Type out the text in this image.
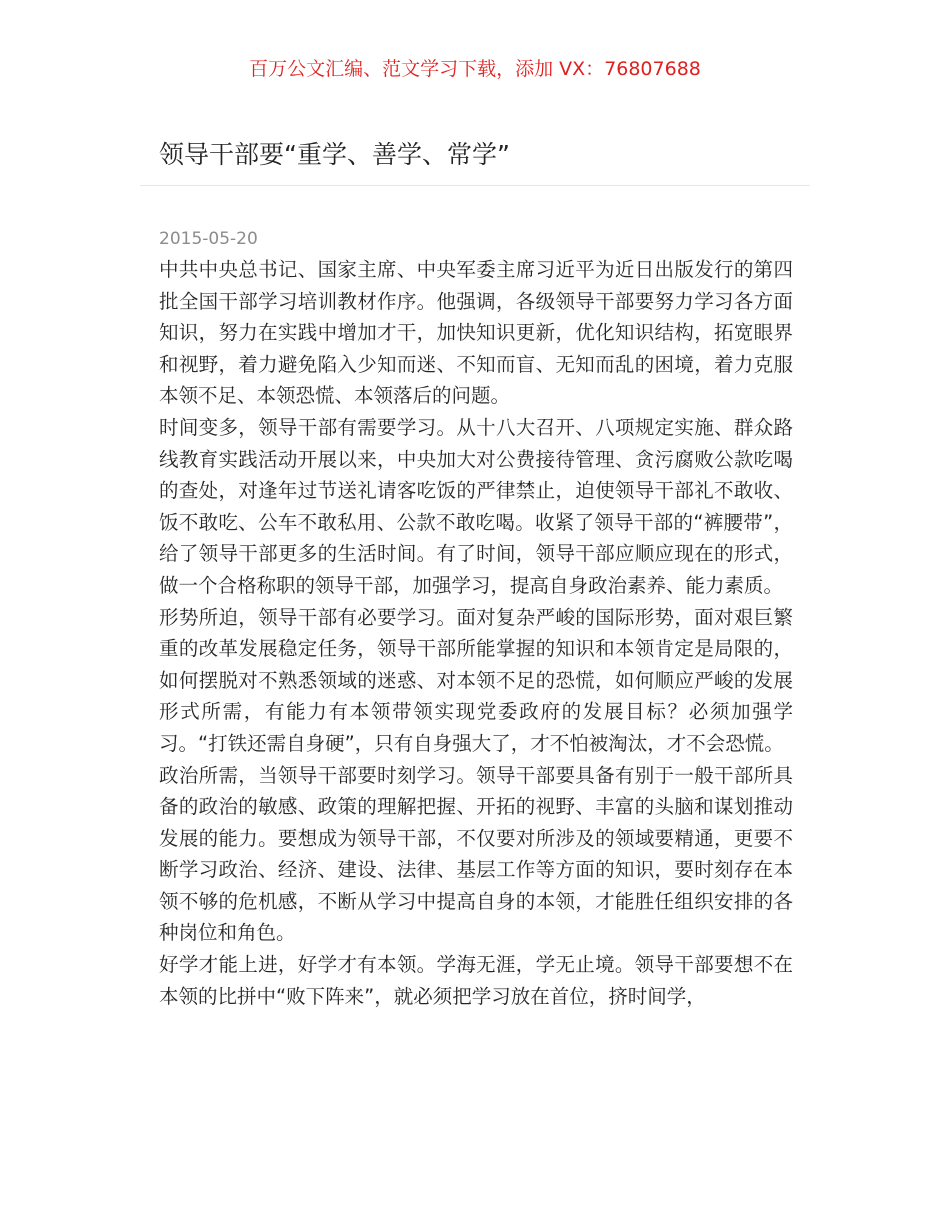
百万公文汇编、范文学习下载，添加 VX：76807688
领导干部要“重学、善学、常学”
2015-05-20

中共中央总书记、国家主席、中央军委主席习近平为近日出版发行的第四批全国干部学习培训教材作序。他强调，各级领导干部要努力学习各方面知识，努力在实践中增加才干，加快知识更新，优化知识结构，拓宽眼界和视野，着力避免陷入少知而迷、不知而盲、无知而乱的困境，着力克服本领不足、本领恐慌、本领落后的问题。

时间变多，领导干部有需要学习。从十八大召开、八项规定实施、群众路线教育实践活动开展以来，中央加大对公费接待管理、贪污腐败公款吃喝的查处，对逢年过节送礼请客吃饭的严律禁止，迫使领导干部礼不敢收、饭不敢吃、公车不敢私用、公款不敢吃喝。收紧了领导干部的“裤腰带”，给了领导干部更多的生活时间。有了时间，领导干部应顺应现在的形式，做一个合格称职的领导干部，加强学习，提高自身政治素养、能力素质。

形势所迫，领导干部有必要学习。面对复杂严峻的国际形势，面对艰巨繁重的改革发展稳定任务，领导干部所能掌握的知识和本领肯定是局限的，如何摆脱对不熟悉领域的迷惑、对本领不足的恐慌，如何顺应严峻的发展形式所需，有能力有本领带领实现党委政府的发展目标？必须加强学习。“打铁还需自身硬”，只有自身强大了，才不怕被淘汰，才不会恐慌。

政治所需，当领导干部要时刻学习。领导干部要具备有别于一般干部所具备的政治的敏感、政策的理解把握、开拓的视野、丰富的头脑和谋划推动发展的能力。要想成为领导干部，不仅要对所涉及的领域要精通，更要不断学习政治、经济、建设、法律、基层工作等方面的知识，要时刻存在本领不够的危机感，不断从学习中提高自身的本领，才能胜任组织安排的各种岗位和角色。

好学才能上进，好学才有本领。学海无涯，学无止境。领导干部要想不在本领的比拼中“败下阵来”，就必须把学习放在首位，挤时间学，
